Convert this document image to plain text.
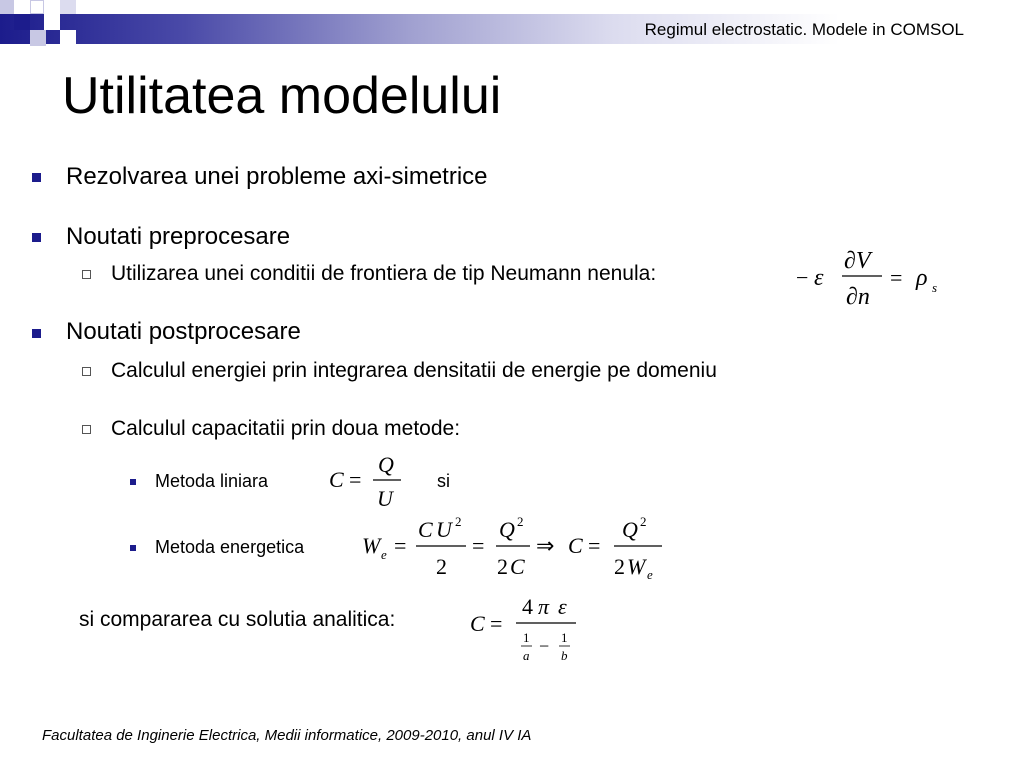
Regimul electrostatic. Modele in COMSOL
Utilitatea modelului
Rezolvarea unei probleme axi-simetrice
Noutati preprocesare
Utilizarea unei conditii de frontiera de tip Neumann nenula:	− ε
∂V
∂n
= ρ s
Noutati postprocesare
Calculul energiei prin integrarea densitatii de energie pe domeniu
Calculul capacitatii prin doua metode:
Metoda liniara	C =
Q
U
si
Metoda energetica	W e =
C U 2
2
=
Q 2
2 C
⇒ C =
Q 2
2 W e
si compararea cu solutia analitica:	C =
4 π ε
1
a − 1
b
Facultatea de Inginerie Electrica, Medii informatice, 2009-2010, anul IV IA
